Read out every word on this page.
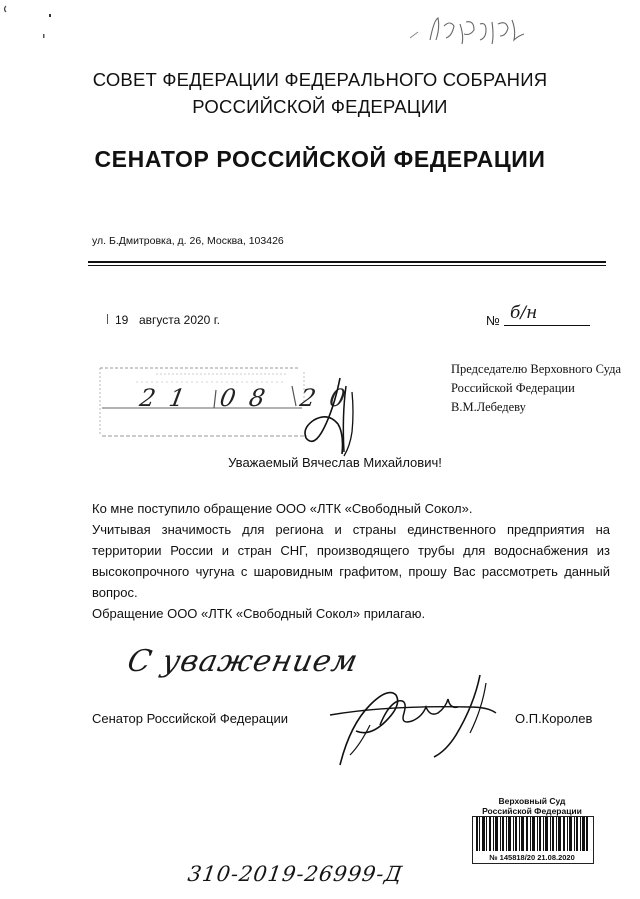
СОВЕТ ФЕДЕРАЦИИ ФЕДЕРАЛЬНОГО СОБРАНИЯ
РОССИЙСКОЙ ФЕДЕРАЦИИ
СЕНАТОР РОССИЙСКОЙ ФЕДЕРАЦИИ
ул. Б.Дмитровка, д. 26, Москва, 103426
19 августа 2020 г.	№ б/н
Председателю Верховного Суда
Российской Федерации
В.М.Лебедеву
21 08 20
Уважаемый Вячеслав Михайлович!

Ко мне поступило обращение ООО «ЛТК «Свободный Сокол».

Учитывая значимость для региона и страны единственного предприятия на территории России и стран СНГ, производящего трубы для водоснабжения из высокопрочного чугуна с шаровидным графитом, прошу Вас рассмотреть данный вопрос.

Обращение ООО «ЛТК «Свободный Сокол» прилагаю.

С уважением
Сенатор Российской Федерации	О.П.Королев
Верховный Суд
Российской Федерации
№ 145818/20 21.08.2020
310-2019-26999-Д
